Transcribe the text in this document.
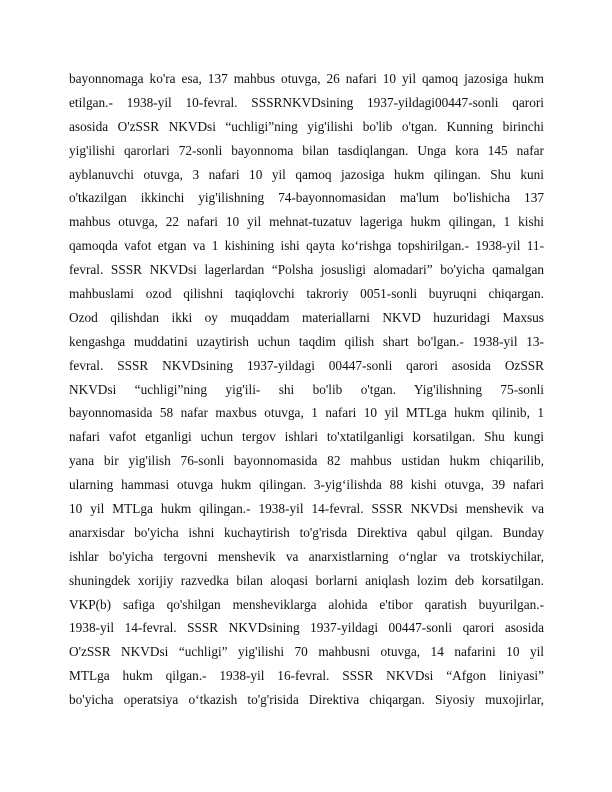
bayonnomaga ko'ra esa, 137 mahbus otuvga, 26 nafari 10 yil qamoq jazosiga hukm
etilgan.- 1938-yil 10-fevral. SSSRNKVDsining 1937-yildagi00447-sonli qarori
asosida O'zSSR NKVDsi “uchligi”ning yig'ilishi bo'lib o'tgan. Kunning birinchi
yig'ilishi qarorlari 72-sonli bayonnoma bilan tasdiqlangan. Unga kora 145 nafar
ayblanuvchi otuvga, 3 nafari 10 yil qamoq jazosiga hukm qilingan. Shu kuni
o'tkazilgan ikkinchi yig'ilishning 74-bayonnomasidan ma'lum bo'lishicha 137
mahbus otuvga, 22 nafari 10 yil mehnat-tuzatuv lageriga hukm qilingan, 1 kishi
qamoqda vafot etgan va 1 kishining ishi qayta ko‘rishga topshirilgan.- 1938-yil 11-
fevral. SSSR NKVDsi lagerlardan “Polsha josusligi alomadari” bo'yicha qamalgan
mahbuslami ozod qilishni taqiqlovchi takroriy 0051-sonli buyruqni chiqargan.
Ozod qilishdan ikki oy muqaddam materiallarni NKVD huzuridagi Maxsus
kengashga muddatini uzaytirish uchun taqdim qilish shart bo'lgan.- 1938-yil 13-
fevral. SSSR NKVDsining 1937-yildagi 00447-sonli qarori asosida OzSSR
NKVDsi “uchligi”ning yig'ili- shi bo'lib o'tgan. Yig'ilishning 75-sonli
bayonnomasida 58 nafar maxbus otuvga, 1 nafari 10 yil MTLga hukm qilinib, 1
nafari vafot etganligi uchun tergov ishlari to'xtatilganligi korsatilgan. Shu kungi
yana bir yig'ilish 76-sonli bayonnomasida 82 mahbus ustidan hukm chiqarilib,
ularning hammasi otuvga hukm qilingan. 3-yig‘ilishda 88 kishi otuvga, 39 nafari
10 yil MTLga hukm qilingan.- 1938-yil 14-fevral. SSSR NKVDsi menshevik va
anarxisdar bo'yicha ishni kuchaytirish to'g'risda Direktiva qabul qilgan. Bunday
ishlar bo'yicha tergovni menshevik va anarxistlarning o‘nglar va trotskiychilar,
shuningdek xorijiy razvedka bilan aloqasi borlarni aniqlash lozim deb korsatilgan.
VKP(b) safiga qo'shilgan mensheviklarga alohida e'tibor qaratish buyurilgan.-
1938-yil 14-fevral. SSSR NKVDsining 1937-yildagi 00447-sonli qarori asosida
O'zSSR NKVDsi “uchligi” yig'ilishi 70 mahbusni otuvga, 14 nafarini 10 yil
MTLga hukm qilgan.- 1938-yil 16-fevral. SSSR NKVDsi “Afgon liniyasi”
bo'yicha operatsiya o‘tkazish to'g'risida Direktiva chiqargan. Siyosiy muxojirlar,
